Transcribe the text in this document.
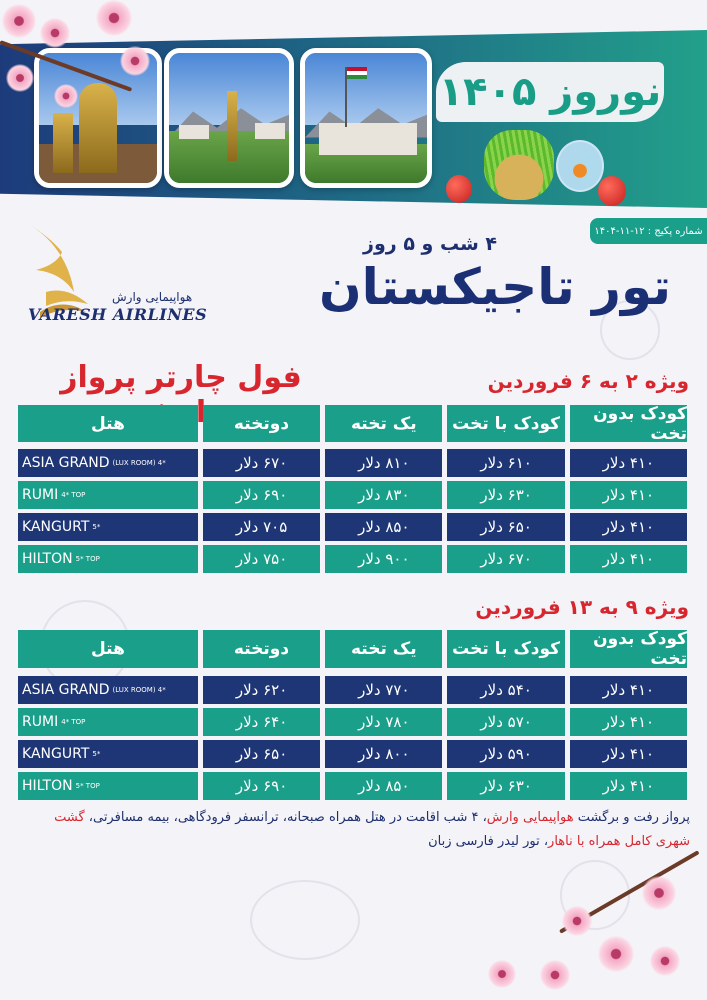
نوروز ۱۴۰۵
شماره پکیج : ۱۲-۱۱-۱۴۰۴
هواپیمایی وارش
VARESH AIRLINES
۴ شب و ۵ روز
تور تاجیکستان
فول چارتر پرواز	ویژه ۲ به ۶ فروردین
کودک بدون تخت
کودک با تخت
یک تخته
دوتخته
هتل
۴۱۰ دلار
۶۱۰ دلار
۸۱۰ دلار
۶۷۰ دلار
ASIA GRAND (LUX ROOM) 4*
۴۱۰ دلار
۶۳۰ دلار
۸۳۰ دلار
۶۹۰ دلار
RUMI 4* TOP
۴۱۰ دلار
۶۵۰ دلار
۸۵۰ دلار
۷۰۵ دلار
KANGURT 5*
۴۱۰ دلار
۶۷۰ دلار
۹۰۰ دلار
۷۵۰ دلار
HILTON 5* TOP
ویژه ۹ به ۱۳ فروردین
کودک بدون تخت
کودک با تخت
یک تخته
دوتخته
هتل
۴۱۰ دلار
۵۴۰ دلار
۷۷۰ دلار
۶۲۰ دلار
ASIA GRAND (LUX ROOM) 4*
۴۱۰ دلار
۵۷۰ دلار
۷۸۰ دلار
۶۴۰ دلار
RUMI 4* TOP
۴۱۰ دلار
۵۹۰ دلار
۸۰۰ دلار
۶۵۰ دلار
KANGURT 5*
۴۱۰ دلار
۶۳۰ دلار
۸۵۰ دلار
۶۹۰ دلار
HILTON 5* TOP
پرواز رفت و برگشت هواپیمایی وارش، ۴ شب اقامت در هتل همراه صبحانه، ترانسفر فرودگاهی، بیمه مسافرتی، گشت شهری کامل همراه با ناهار، تور لیدر فارسی زبان
